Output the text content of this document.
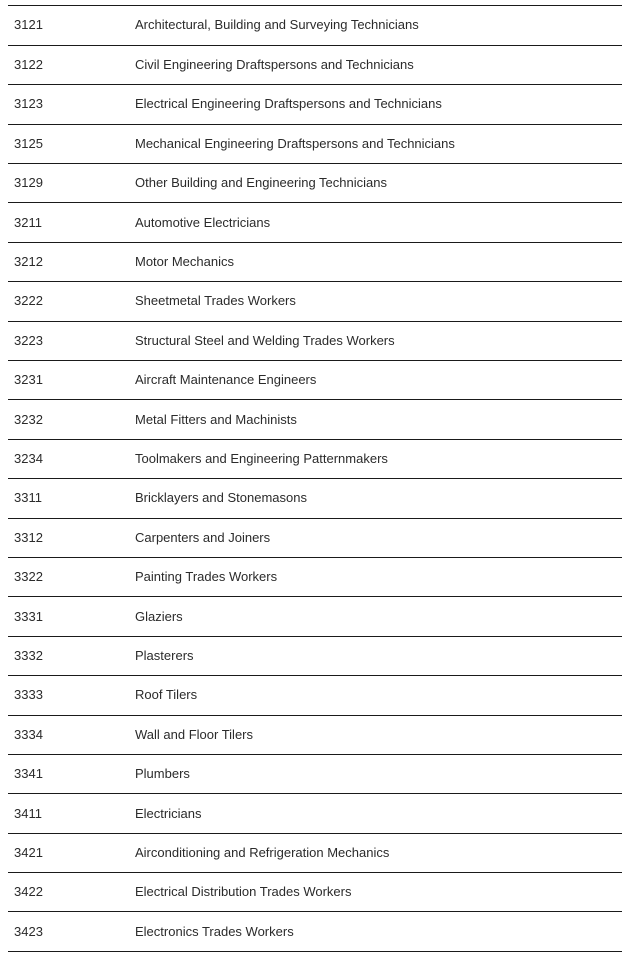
3121	Architectural, Building and Surveying Technicians
3122	Civil Engineering Draftspersons and Technicians
3123	Electrical Engineering Draftspersons and Technicians
3125	Mechanical Engineering Draftspersons and Technicians
3129	Other Building and Engineering Technicians
3211	Automotive Electricians
3212	Motor Mechanics
3222	Sheetmetal Trades Workers
3223	Structural Steel and Welding Trades Workers
3231	Aircraft Maintenance Engineers
3232	Metal Fitters and Machinists
3234	Toolmakers and Engineering Patternmakers
3311	Bricklayers and Stonemasons
3312	Carpenters and Joiners
3322	Painting Trades Workers
3331	Glaziers
3332	Plasterers
3333	Roof Tilers
3334	Wall and Floor Tilers
3341	Plumbers
3411	Electricians
3421	Airconditioning and Refrigeration Mechanics
3422	Electrical Distribution Trades Workers
3423	Electronics Trades Workers
